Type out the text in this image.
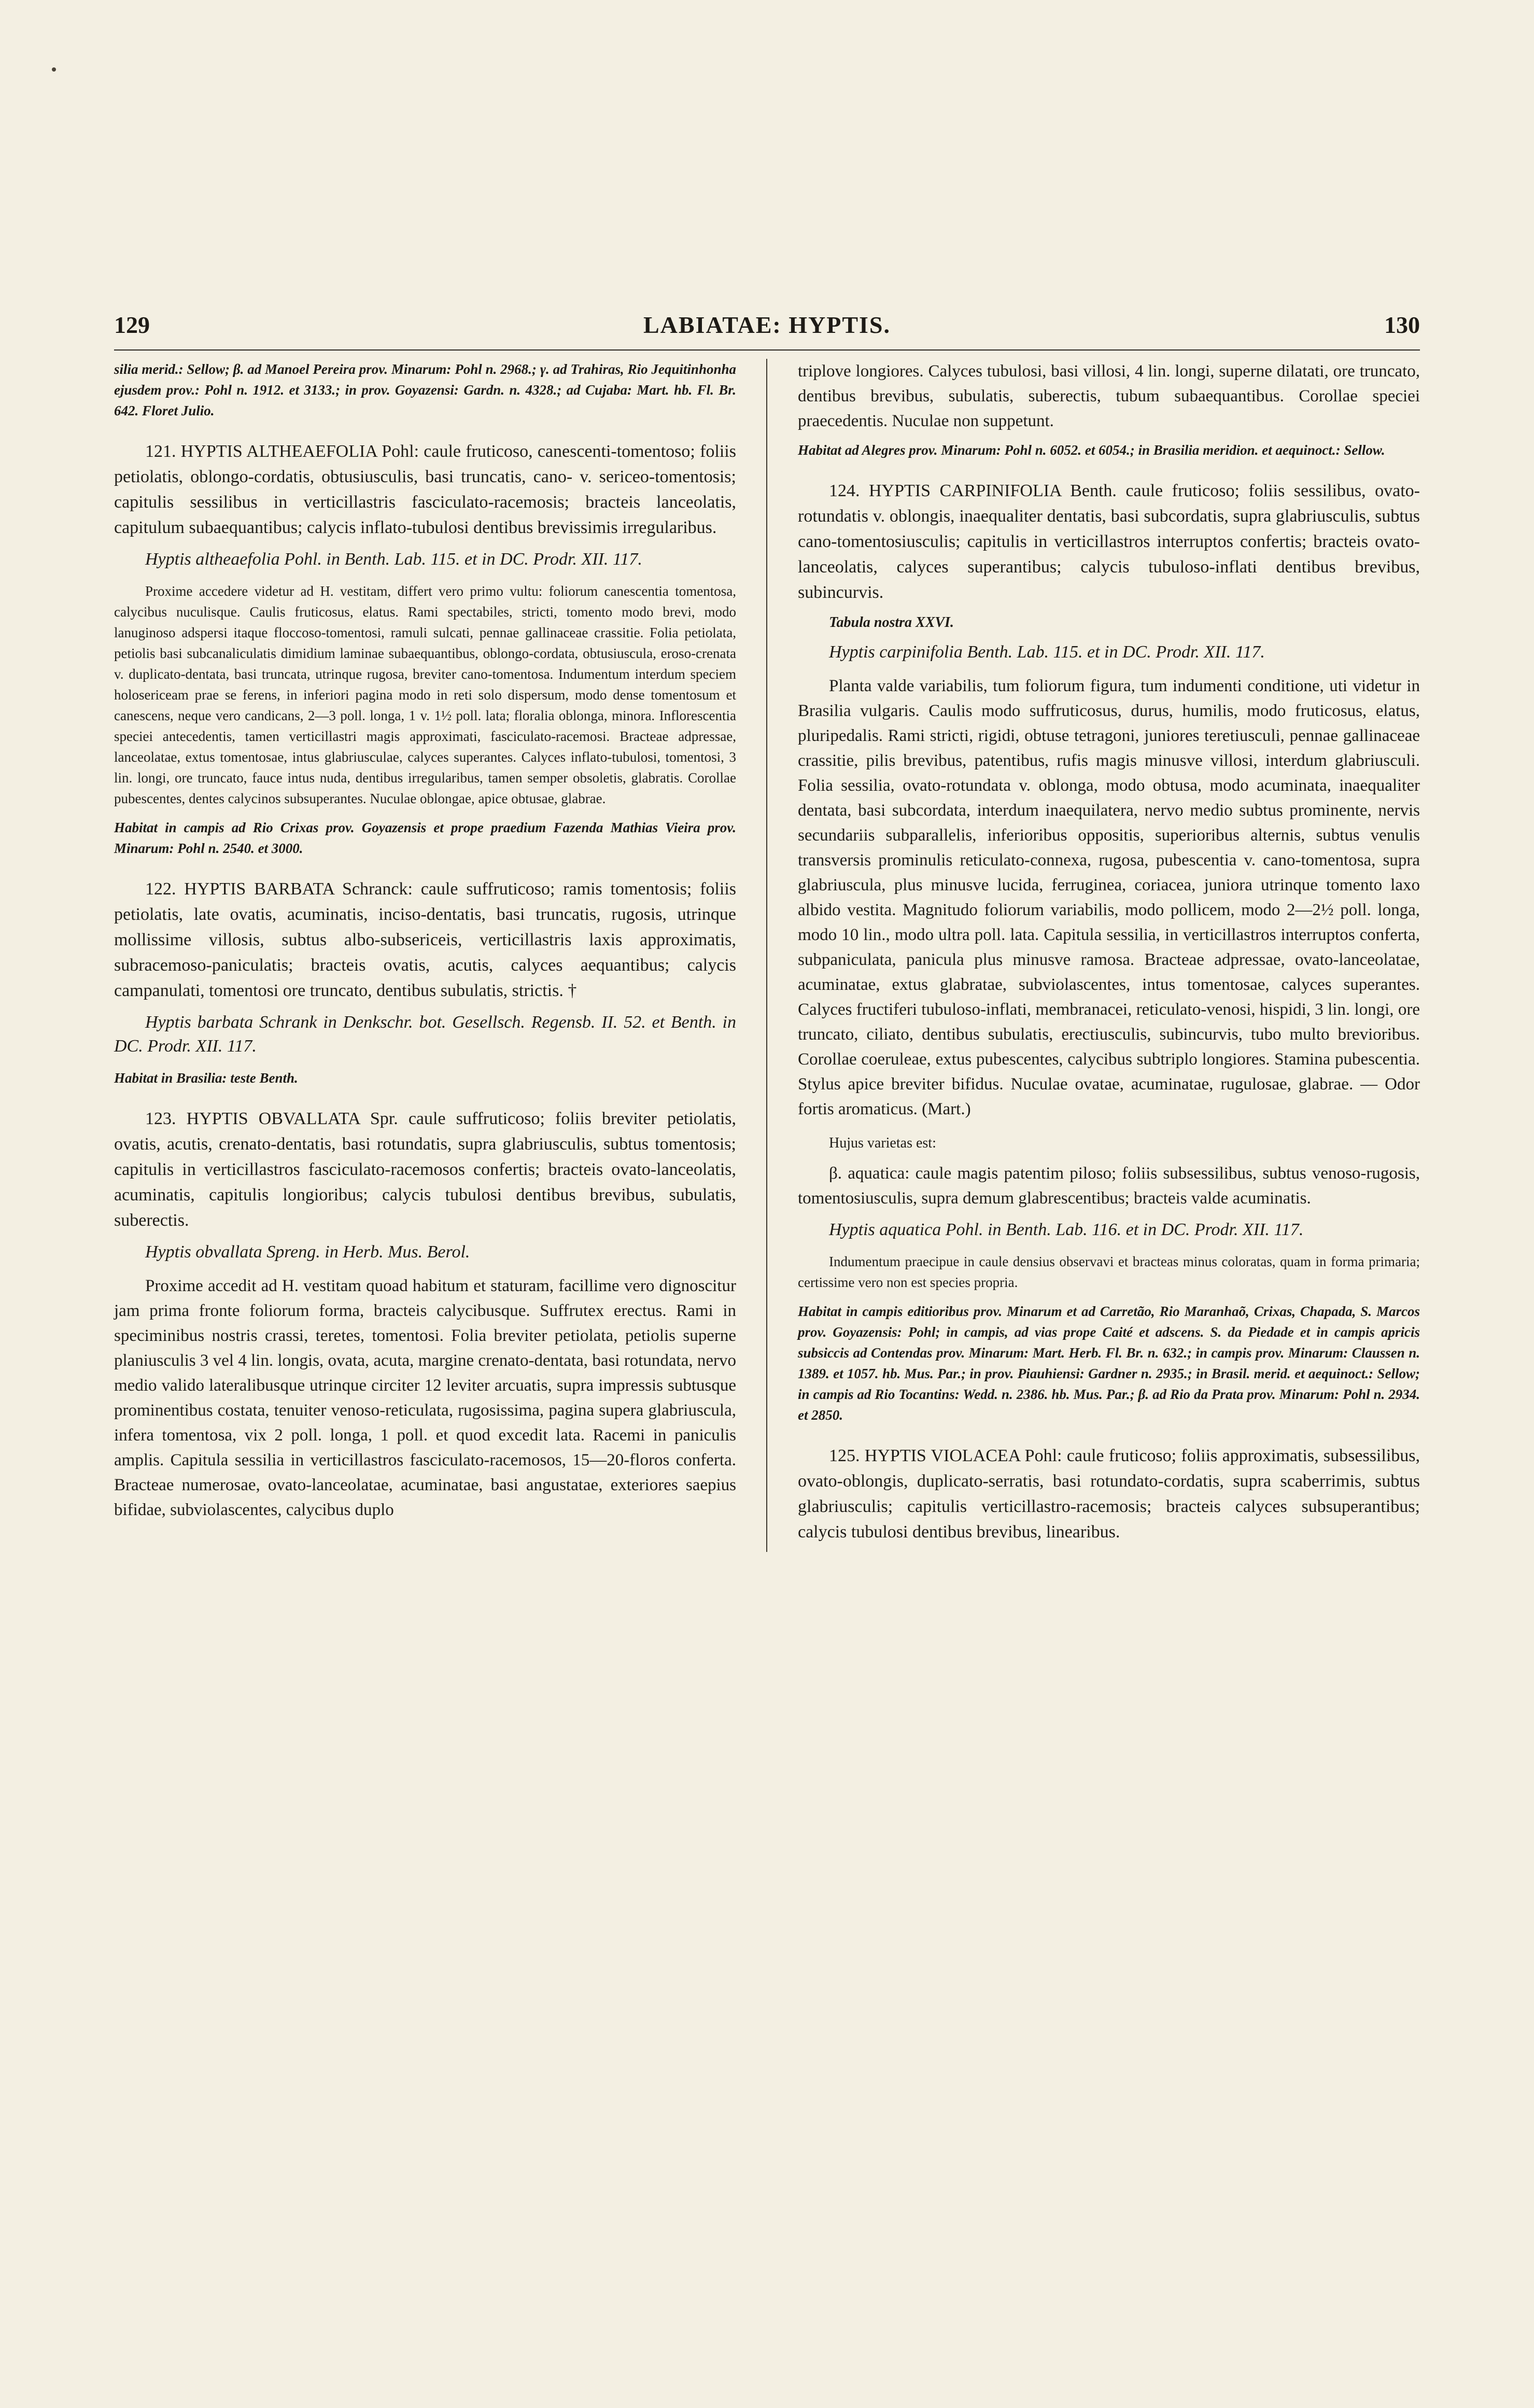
129	LABIATAE: HYPTIS.	130

silia merid.: Sellow; β. ad Manoel Pereira prov. Minarum: Pohl n. 2968.; γ. ad Trahiras, Rio Jequitinhonha ejusdem prov.: Pohl n. 1912. et 3133.; in prov. Goyazensi: Gardn. n. 4328.; ad Cujaba: Mart. hb. Fl. Br. 642. Floret Julio.

121. HYPTIS ALTHEAEFOLIA Pohl: caule fruticoso, canescenti-tomentoso; foliis petiolatis, oblongo-cordatis, obtusiusculis, basi truncatis, cano- v. sericeo-tomentosis; capitulis sessilibus in verticillastris fasciculato-racemosis; bracteis lanceolatis, capitulum subaequantibus; calycis inflato-tubulosi dentibus brevissimis irregularibus.

Hyptis altheaefolia Pohl. in Benth. Lab. 115. et in DC. Prodr. XII. 117.

Proxime accedere videtur ad H. vestitam, differt vero primo vultu: foliorum canescentia tomentosa, calycibus nuculisque. Caulis fruticosus, elatus. Rami spectabiles, stricti, tomento modo brevi, modo lanuginoso adspersi itaque floccoso-tomentosi, ramuli sulcati, pennae gallinaceae crassitie. Folia petiolata, petiolis basi subcanaliculatis dimidium laminae subaequantibus, oblongo-cordata, obtusiuscula, eroso-crenata v. duplicato-dentata, basi truncata, utrinque rugosa, breviter cano-tomentosa. Indumentum interdum speciem holosericeam prae se ferens, in inferiori pagina modo in reti solo dispersum, modo dense tomentosum et canescens, neque vero candicans, 2—3 poll. longa, 1 v. 1½ poll. lata; floralia oblonga, minora. Inflorescentia speciei antecedentis, tamen verticillastri magis approximati, fasciculato-racemosi. Bracteae adpressae, lanceolatae, extus tomentosae, intus glabriusculae, calyces superantes. Calyces inflato-tubulosi, tomentosi, 3 lin. longi, ore truncato, fauce intus nuda, dentibus irregularibus, tamen semper obsoletis, glabratis. Corollae pubescentes, dentes calycinos subsuperantes. Nuculae oblongae, apice obtusae, glabrae.

Habitat in campis ad Rio Crixas prov. Goyazensis et prope praedium Fazenda Mathias Vieira prov. Minarum: Pohl n. 2540. et 3000.

122. HYPTIS BARBATA Schranck: caule suffruticoso; ramis tomentosis; foliis petiolatis, late ovatis, acuminatis, inciso-dentatis, basi truncatis, rugosis, utrinque mollissime villosis, subtus albo-subsericeis, verticillastris laxis approximatis, subracemoso-paniculatis; bracteis ovatis, acutis, calyces aequantibus; calycis campanulati, tomentosi ore truncato, dentibus subulatis, strictis. †

Hyptis barbata Schrank in Denkschr. bot. Gesellsch. Regensb. II. 52. et Benth. in DC. Prodr. XII. 117.

Habitat in Brasilia: teste Benth.

123. HYPTIS OBVALLATA Spr. caule suffruticoso; foliis breviter petiolatis, ovatis, acutis, crenato-dentatis, basi rotundatis, supra glabriusculis, subtus tomentosis; capitulis in verticillastros fasciculato-racemosos confertis; bracteis ovato-lanceolatis, acuminatis, capitulis longioribus; calycis tubulosi dentibus brevibus, subulatis, suberectis.

Hyptis obvallata Spreng. in Herb. Mus. Berol.

Proxime accedit ad H. vestitam quoad habitum et staturam, facillime vero dignoscitur jam prima fronte foliorum forma, bracteis calycibusque. Suffrutex erectus. Rami in speciminibus nostris crassi, teretes, tomentosi. Folia breviter petiolata, petiolis superne planiusculis 3 vel 4 lin. longis, ovata, acuta, margine crenato-dentata, basi rotundata, nervo medio valido lateralibusque utrinque circiter 12 leviter arcuatis, supra impressis subtusque prominentibus costata, tenuiter venoso-reticulata, rugosissima, pagina supera glabriuscula, infera tomentosa, vix 2 poll. longa, 1 poll. et quod excedit lata. Racemi in paniculis amplis. Capitula sessilia in verticillastros fasciculato-racemosos, 15—20-floros conferta. Bracteae numerosae, ovato-lanceolatae, acuminatae, basi angustatae, exteriores saepius bifidae, subviolascentes, calycibus duplo

triplove longiores. Calyces tubulosi, basi villosi, 4 lin. longi, superne dilatati, ore truncato, dentibus brevibus, subulatis, suberectis, tubum subaequantibus. Corollae speciei praecedentis. Nuculae non suppetunt.

Habitat ad Alegres prov. Minarum: Pohl n. 6052. et 6054.; in Brasilia meridion. et aequinoct.: Sellow.

124. HYPTIS CARPINIFOLIA Benth. caule fruticoso; foliis sessilibus, ovato-rotundatis v. oblongis, inaequaliter dentatis, basi subcordatis, supra glabriusculis, subtus cano-tomentosiusculis; capitulis in verticillastros interruptos confertis; bracteis ovato-lanceolatis, calyces superantibus; calycis tubuloso-inflati dentibus brevibus, subincurvis.

Tabula nostra XXVI.

Hyptis carpinifolia Benth. Lab. 115. et in DC. Prodr. XII. 117.

Planta valde variabilis, tum foliorum figura, tum indumenti conditione, uti videtur in Brasilia vulgaris. Caulis modo suffruticosus, durus, humilis, modo fruticosus, elatus, pluripedalis. Rami stricti, rigidi, obtuse tetragoni, juniores teretiusculi, pennae gallinaceae crassitie, pilis brevibus, patentibus, rufis magis minusve villosi, interdum glabriusculi. Folia sessilia, ovato-rotundata v. oblonga, modo obtusa, modo acuminata, inaequaliter dentata, basi subcordata, interdum inaequilatera, nervo medio subtus prominente, nervis secundariis subparallelis, inferioribus oppositis, superioribus alternis, subtus venulis transversis prominulis reticulato-connexa, rugosa, pubescentia v. cano-tomentosa, supra glabriuscula, plus minusve lucida, ferruginea, coriacea, juniora utrinque tomento laxo albido vestita. Magnitudo foliorum variabilis, modo pollicem, modo 2—2½ poll. longa, modo 10 lin., modo ultra poll. lata. Capitula sessilia, in verticillastros interruptos conferta, subpaniculata, panicula plus minusve ramosa. Bracteae adpressae, ovato-lanceolatae, acuminatae, extus glabratae, subviolascentes, intus tomentosae, calyces superantes. Calyces fructiferi tubuloso-inflati, membranacei, reticulato-venosi, hispidi, 3 lin. longi, ore truncato, ciliato, dentibus subulatis, erectiusculis, subincurvis, tubo multo brevioribus. Corollae coeruleae, extus pubescentes, calycibus subtriplo longiores. Stamina pubescentia. Stylus apice breviter bifidus. Nuculae ovatae, acuminatae, rugulosae, glabrae. — Odor fortis aromaticus. (Mart.)

Hujus varietas est:

β. aquatica: caule magis patentim piloso; foliis subsessilibus, subtus venoso-rugosis, tomentosiusculis, supra demum glabrescentibus; bracteis valde acuminatis.

Hyptis aquatica Pohl. in Benth. Lab. 116. et in DC. Prodr. XII. 117.

Indumentum praecipue in caule densius observavi et bracteas minus coloratas, quam in forma primaria; certissime vero non est species propria.

Habitat in campis editioribus prov. Minarum et ad Carretão, Rio Maranhaõ, Crixas, Chapada, S. Marcos prov. Goyazensis: Pohl; in campis, ad vias prope Caité et adscens. S. da Piedade et in campis apricis subsiccis ad Contendas prov. Minarum: Mart. Herb. Fl. Br. n. 632.; in campis prov. Minarum: Claussen n. 1389. et 1057. hb. Mus. Par.; in prov. Piauhiensi: Gardner n. 2935.; in Brasil. merid. et aequinoct.: Sellow; in campis ad Rio Tocantins: Wedd. n. 2386. hb. Mus. Par.; β. ad Rio da Prata prov. Minarum: Pohl n. 2934. et 2850.

125. HYPTIS VIOLACEA Pohl: caule fruticoso; foliis approximatis, subsessilibus, ovato-oblongis, duplicato-serratis, basi rotundato-cordatis, supra scaberrimis, subtus glabriusculis; capitulis verticillastro-racemosis; bracteis calyces subsuperantibus; calycis tubulosi dentibus brevibus, linearibus.
